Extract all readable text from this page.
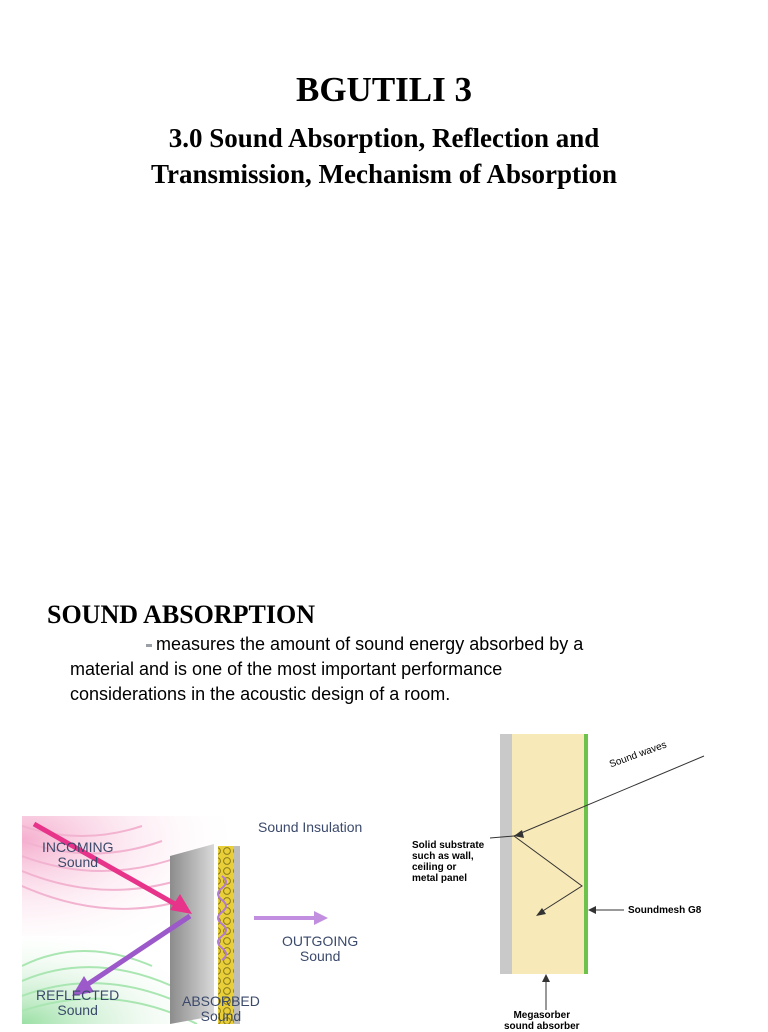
BGUTILI 3
3.0 Sound Absorption, Reflection and
Transmission, Mechanism of Absorption
SOUND ABSORPTION
measures the amount of sound energy absorbed by a
material and is one of the most important performance
considerations in the acoustic design of a room.
Sound Insulation
INCOMING
Sound
OUTGOING
Sound
REFLECTED
Sound
ABSORBED
Sound
Sound waves
Solid substrate
such as wall,
ceiling or
metal panel
Soundmesh G8
Megasorber
sound absorber
